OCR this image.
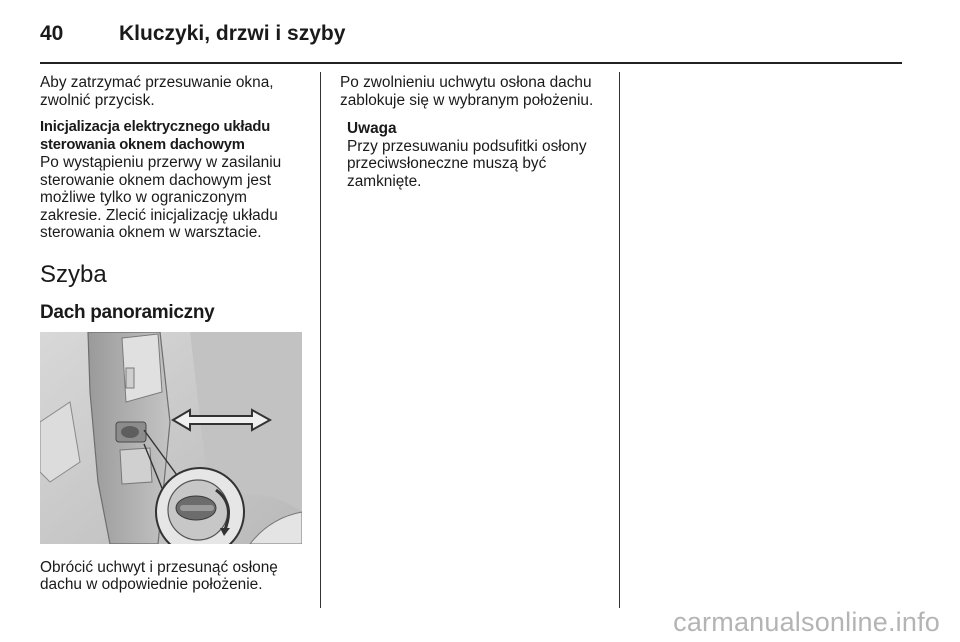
40	Kluczyki, drzwi i szyby

Aby zatrzymać przesuwanie okna, zwolnić przycisk.

Inicjalizacja elektrycznego układu sterowania oknem dachowym

Po wystąpieniu przerwy w zasilaniu sterowanie oknem dachowym jest możliwe tylko w ograniczonym zakresie. Zlecić inicjalizację układu sterowania oknem w warsztacie.

Szyba
Dach panoramiczny

Obrócić uchwyt i przesunąć osłonę dachu w odpowiednie położenie.

Po zwolnieniu uchwytu osłona dachu zablokuje się w wybranym położeniu.

Uwaga

Przy przesuwaniu podsufitki osłony przeciwsłoneczne muszą być zamknięte.

carmanualsonline.info
